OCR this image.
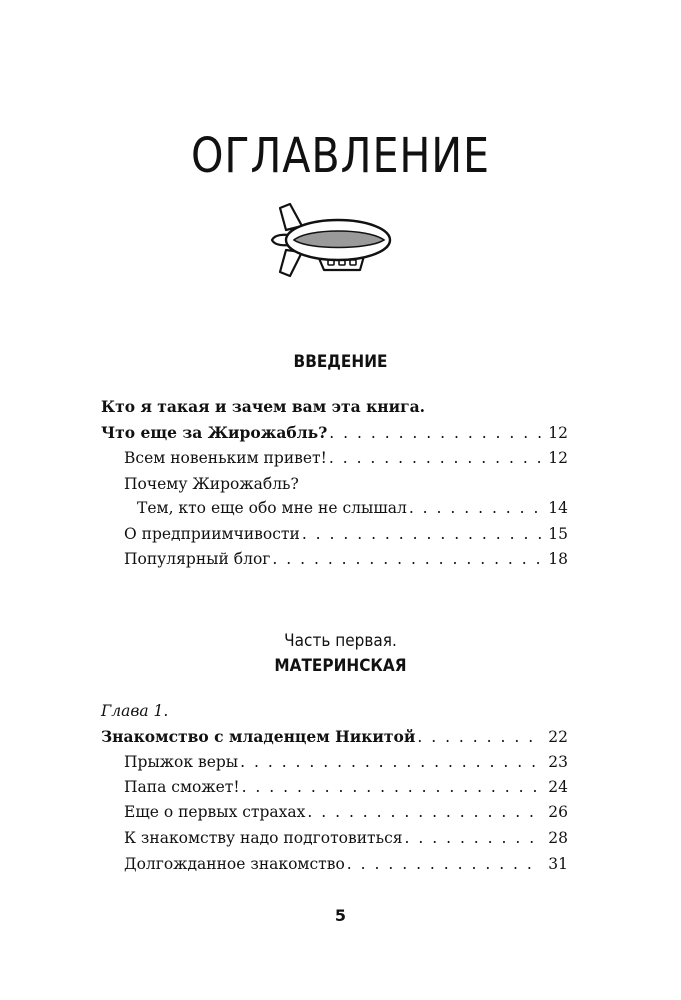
ОГЛАВЛЕНИЕ
ВВЕДЕНИЕ
Кто я такая и зачем вам эта книга.
Что еще за Жирожабль? . . .	12
Всем новеньким привет! . . .	12
Почему Жирожабль?
Тем, кто еще обо мне не слышал . . .	14
О предприимчивости . . .	15
Популярный блог . . .	18
Часть первая.
МАТЕРИНСКАЯ
Глава 1.
Знакомство с младенцем Никитой . . .	22
Прыжок веры . . .	23
Папа сможет! . . .	24
Еще о первых страхах . . .	26
К знакомству надо подготовиться . . .	28
Долгожданное знакомство . . .	31
5
